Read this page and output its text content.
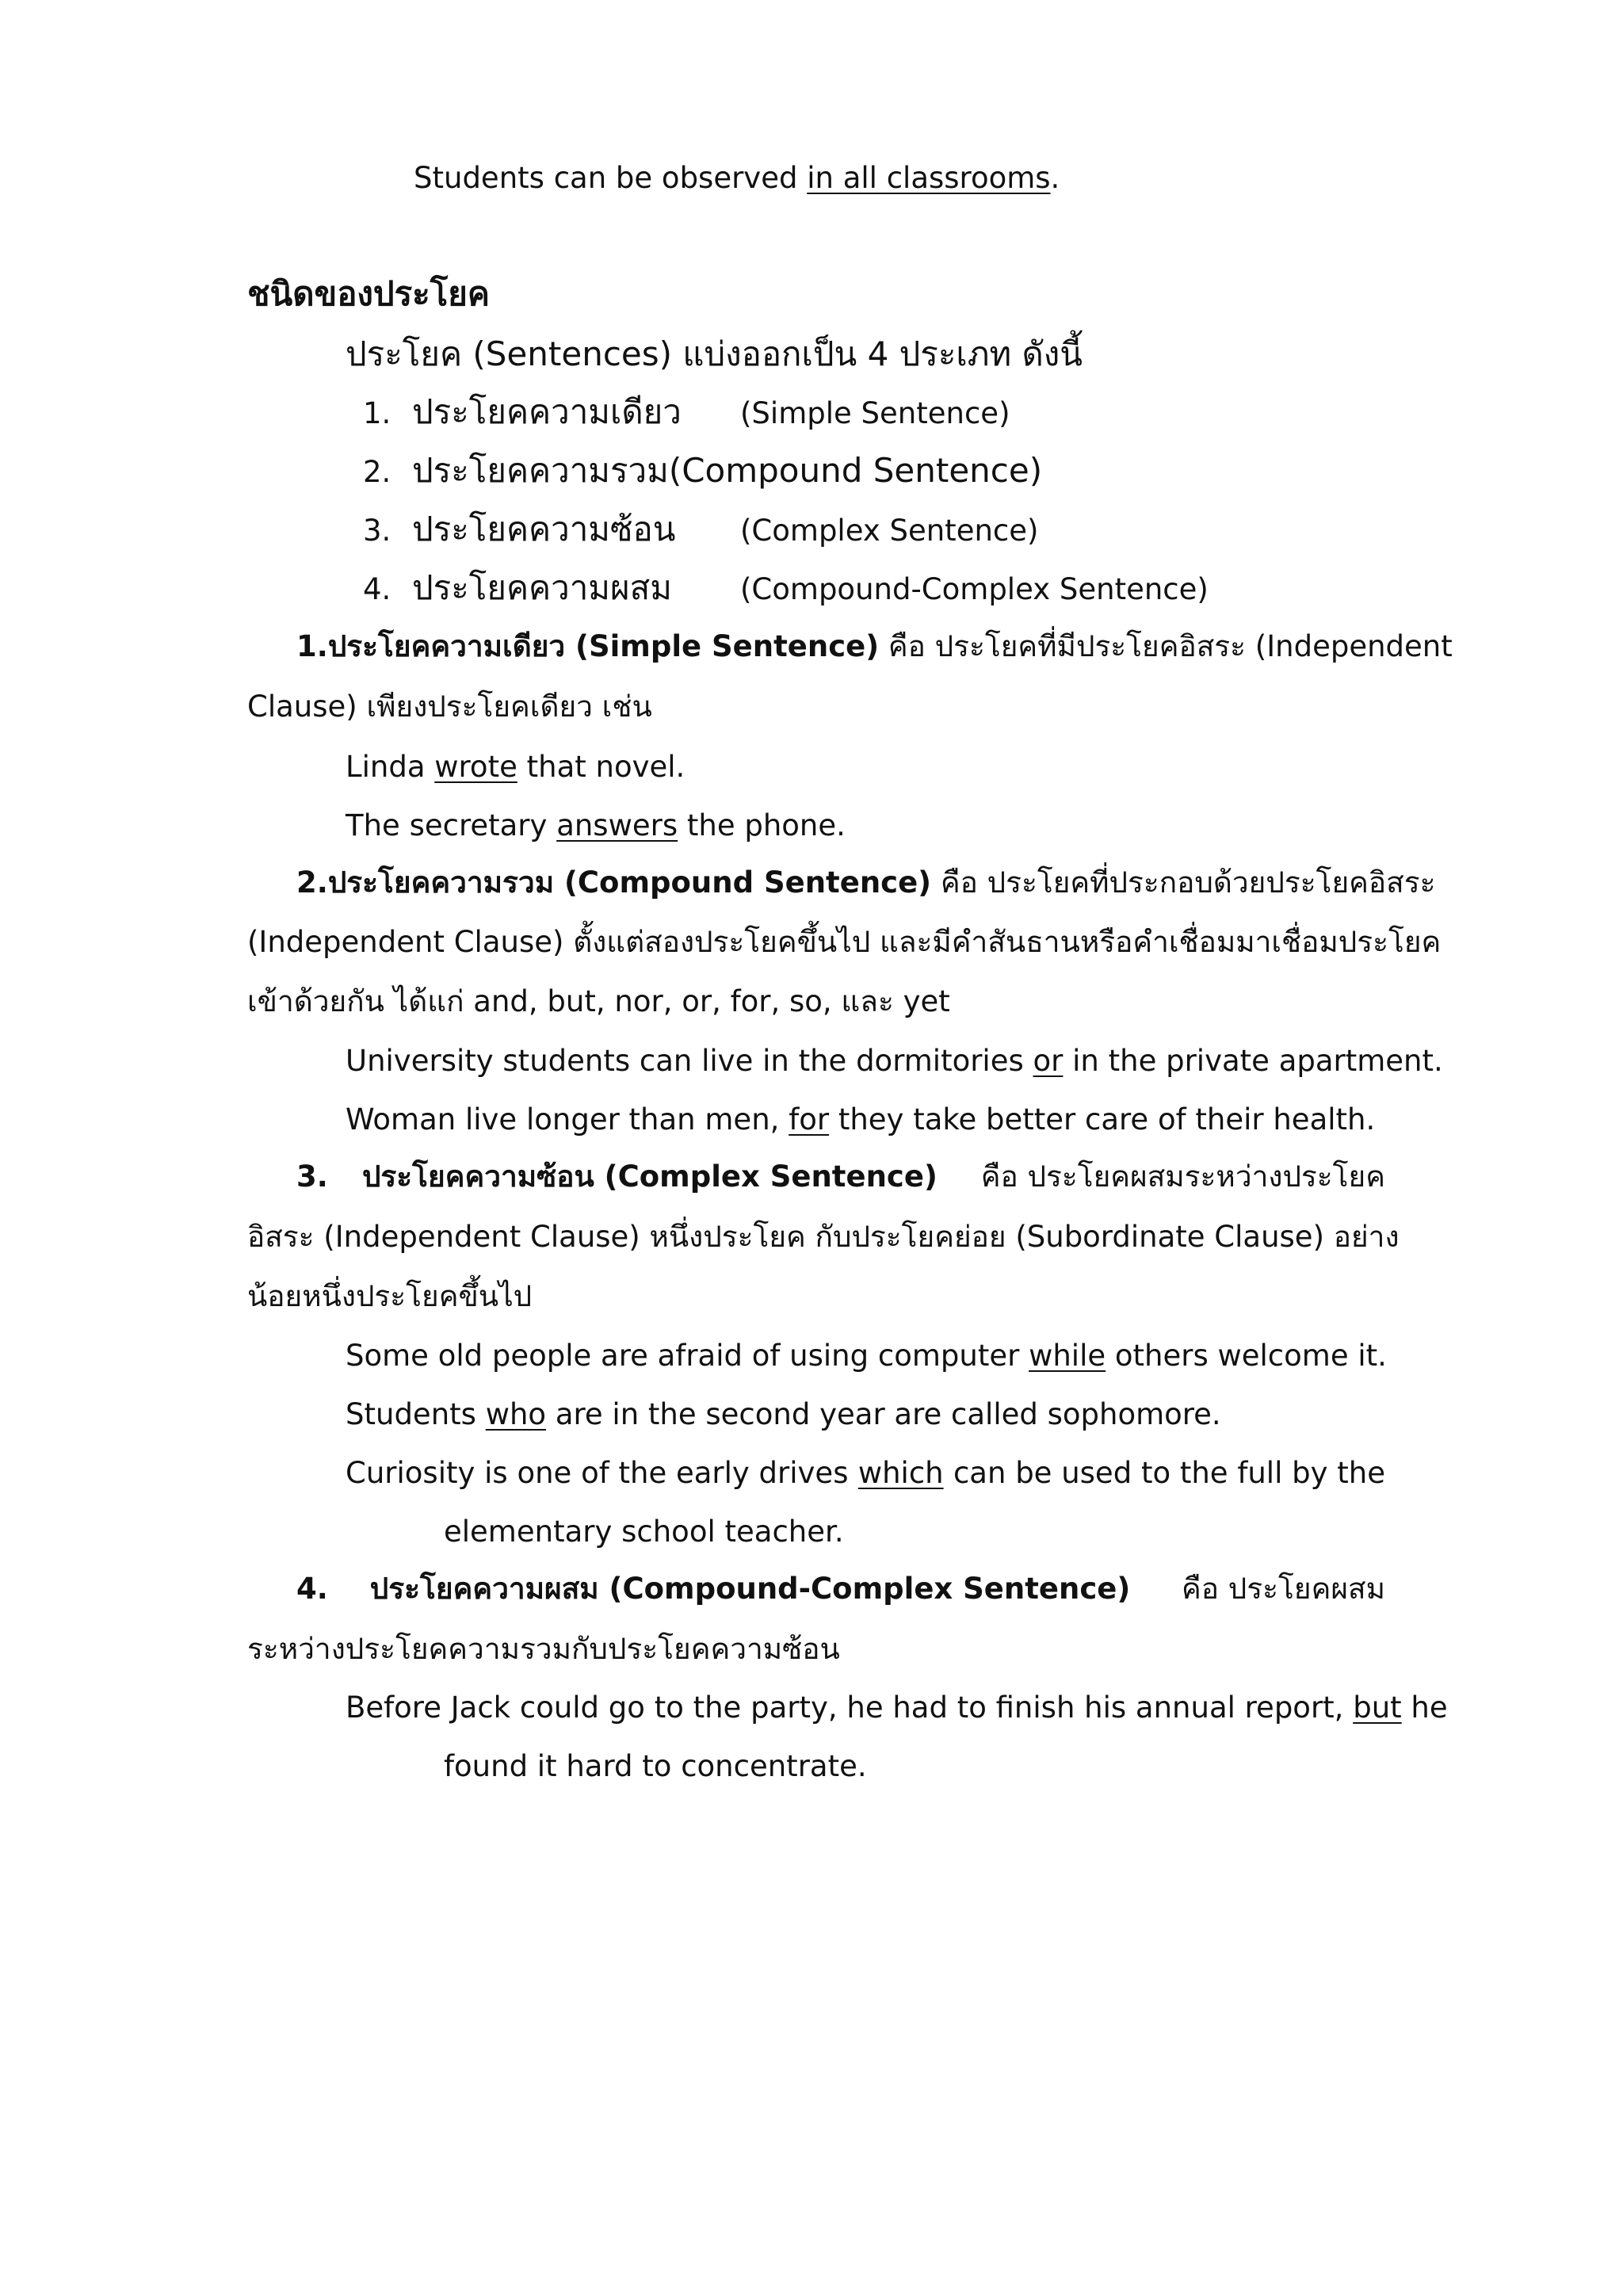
Students can be observed in all classrooms.
ชนิดของประโยค
ประโยค (Sentences) แบ่งออกเป็น 4 ประเภท ดังนี้
1. ประโยคความเดียว (Simple Sentence)
2. ประโยคความรวม(Compound Sentence)
3. ประโยคความซ้อน (Complex Sentence)
4. ประโยคความผสม (Compound-Complex Sentence)
1. ประโยคความเดียว (Simple Sentence) คือ ประโยคที่มีประโยคอิสระ (Independent
Clause) เพียงประโยคเดียว เช่น
Linda wrote that novel.
The secretary answers the phone.
2. ประโยคความรวม (Compound Sentence) คือ ประโยคที่ประกอบด้วยประโยคอิสระ
(Independent Clause) ตั้งแต่สองประโยคขึ้นไป และมีคำสันธานหรือคำเชื่อมมาเชื่อมประโยค
เข้าด้วยกัน ได้แก่ and, but, nor, or, for, so, และ yet
University students can live in the dormitories or in the private apartment.
Woman live longer than men, for they take better care of their health.
3. ประโยคความซ้อน (Complex Sentence) คือ ประโยคผสมระหว่างประโยค
อิสระ (Independent Clause) หนึ่งประโยค กับประโยคย่อย (Subordinate Clause) อย่าง
น้อยหนึ่งประโยคขึ้นไป
Some old people are afraid of using computer while others welcome it.
Students who are in the second year are called sophomore.
Curiosity is one of the early drives which can be used to the full by the
elementary school teacher.
4. ประโยคความผสม (Compound-Complex Sentence) คือ ประโยคผสม
ระหว่างประโยคความรวมกับประโยคความซ้อน
Before Jack could go to the party, he had to finish his annual report, but he
found it hard to concentrate.
